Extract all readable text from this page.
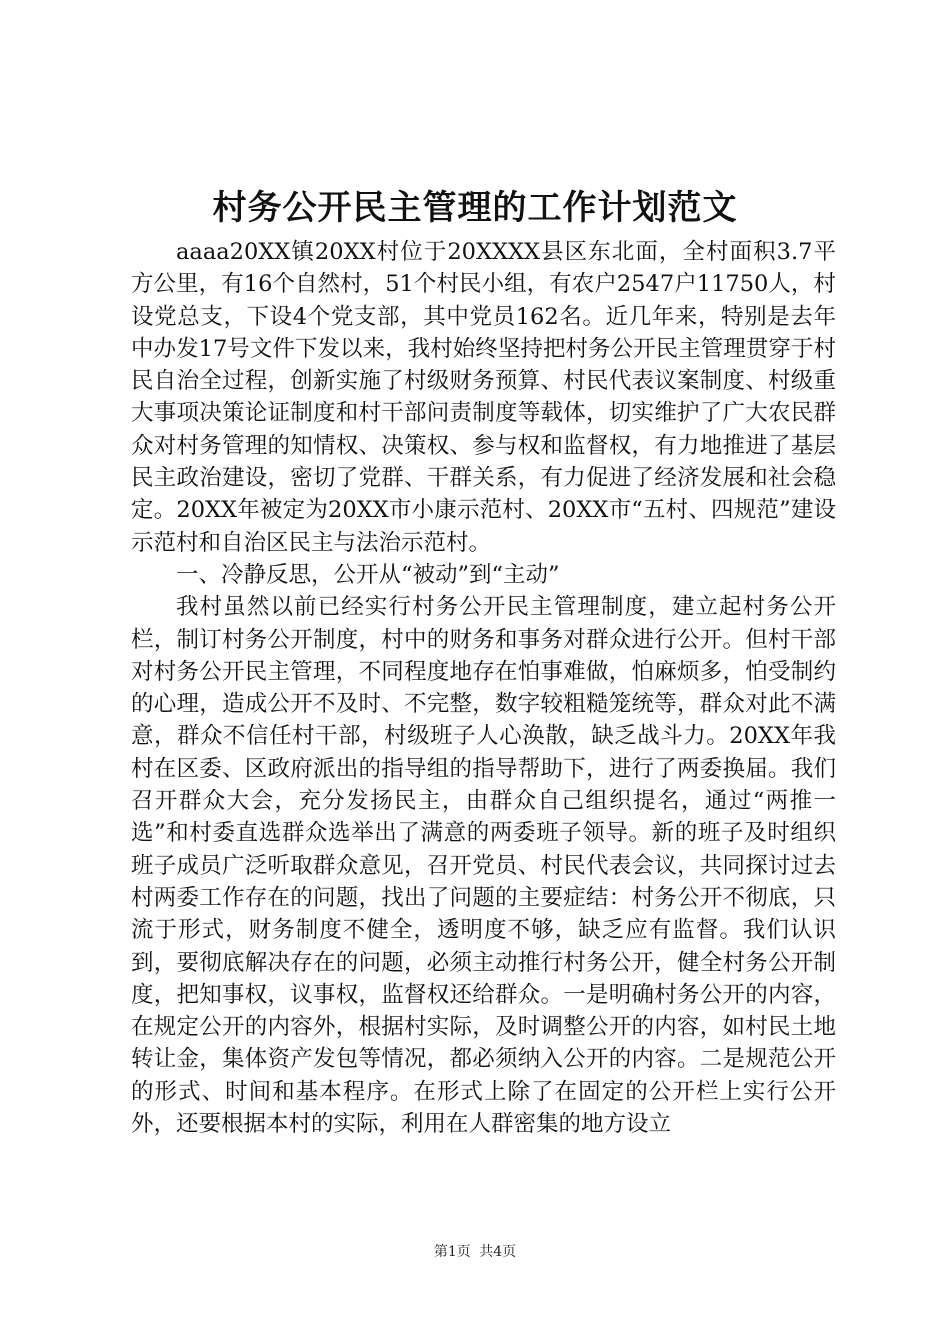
村务公开民主管理的工作计划范文

aaaa20XX镇20XX村位于20XXXX县区东北面，全村面积3.7平方公里，有16个自然村，51个村民小组，有农户2547户11750人，村设党总支，下设4个党支部，其中党员162名。近几年来，特别是去年中办发17号文件下发以来，我村始终坚持把村务公开民主管理贯穿于村民自治全过程，创新实施了村级财务预算、村民代表议案制度、村级重大事项决策论证制度和村干部问责制度等载体，切实维护了广大农民群众对村务管理的知情权、决策权、参与权和监督权，有力地推进了基层民主政治建设，密切了党群、干群关系，有力促进了经济发展和社会稳定。20XX年被定为20XX市小康示范村、20XX市“五村、四规范”建设示范村和自治区民主与法治示范村。

一、冷静反思，公开从“被动”到“主动”

我村虽然以前已经实行村务公开民主管理制度，建立起村务公开栏，制订村务公开制度，村中的财务和事务对群众进行公开。但村干部对村务公开民主管理，不同程度地存在怕事难做，怕麻烦多，怕受制约的心理，造成公开不及时、不完整，数字较粗糙笼统等，群众对此不满意，群众不信任村干部，村级班子人心涣散，缺乏战斗力。20XX年我村在区委、区政府派出的指导组的指导帮助下，进行了两委换届。我们召开群众大会，充分发扬民主，由群众自己组织提名，通过“两推一选”和村委直选群众选举出了满意的两委班子领导。新的班子及时组织班子成员广泛听取群众意见，召开党员、村民代表会议，共同探讨过去村两委工作存在的问题，找出了问题的主要症结：村务公开不彻底，只流于形式，财务制度不健全，透明度不够，缺乏应有监督。我们认识到，要彻底解决存在的问题，必须主动推行村务公开，健全村务公开制度，把知事权，议事权，监督权还给群众。一是明确村务公开的内容，在规定公开的内容外，根据村实际，及时调整公开的内容，如村民土地转让金，集体资产发包等情况，都必须纳入公开的内容。二是规范公开的形式、时间和基本程序。在形式上除了在固定的公开栏上实行公开外，还要根据本村的实际，利用在人群密集的地方设立

第1页 共4页
